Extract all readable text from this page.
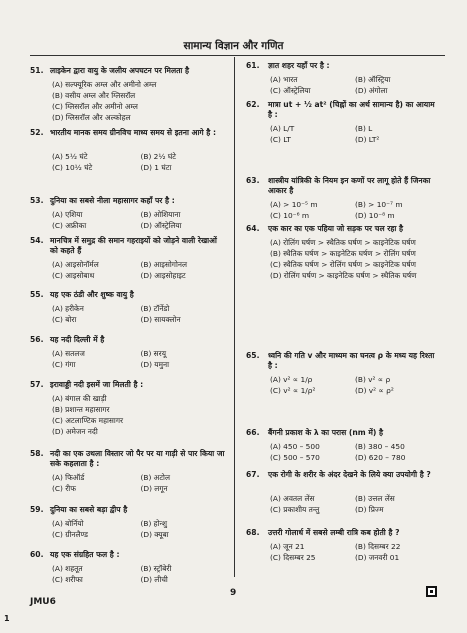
सामान्य विज्ञान और गणित
51. लाइकेन द्वारा वायु के जलीय अपघटन पर मिलता है
(A) सल्फ्यूरिक अम्ल और अमीनो अम्ल
(B) वसीय अम्ल और ग्लिसरॉल
(C) ग्लिसरॉल और अमीनो अम्ल
(D) ग्लिसरॉल और अल्कोहल
52. भारतीय मानक समय ग्रीनविच माध्य समय से इतना आगे है :
(A) 5½ घंटे	(B) 2½ घंटे
(C) 10½ घंटे	(D) 1 घंटा
53. दुनिया का सबसे नीला महासागर कहाँ पर है :
(A) एशिया	(B) ओशियाना
(C) अफ्रीका	(D) ऑस्ट्रेलिया
54. मानचित्र में समुद्र की समान गहराइयों को जोड़ने वाली रेखाओं को कहते हैं
(A) आइसोनॉर्मल	(B) आइसोगोनल
(C) आइसोबाथ	(D) आइसोहाइट
55. यह एक ठंडी और शुष्क वायु है
(A) हरीकेन	(B) टॉर्नेडो
(C) बोरा	(D) सायक्लोन
56. यह नदी दिल्ली में है
(A) सतलज	(B) सरयू
(C) गंगा	(D) यमुना
57. इरावाड्डी नदी इसमें जा मिलती है :
(A) बंगाल की खाड़ी
(B) प्रशान्त महासागर
(C) अटलाण्टिक महासागर
(D) अमेजन नदी
58. नदी का एक उथला विस्तार जो पैर पर या गाड़ी से पार किया जा सके कहलाता है :
(A) फिऑर्ड	(B) अटोल
(C) रीफ	(D) लगून
59. दुनिया का सबसे बड़ा द्वीप है
(A) बोर्नियो	(B) होन्शु
(C) ग्रीनलैण्ड	(D) क्यूबा
60. यह एक संग्रहित फल है :
(A) शहतूत	(B) स्ट्रॉबेरी
(C) शरीफा	(D) लीची
61. ज्ञात शहर यहाँ पर है :
(A) भारत	(B) ऑस्ट्रिया
(C) ऑस्ट्रेलिया	(D) अंगोला
62. मात्रा ut + ½ at² (चिह्नों का अर्थ सामान्य है) का आयाम है :
(A) L/T	(B) L
(C) LT	(D) LT²
63. शास्त्रीय यांत्रिकी के नियम इन कणों पर लागू होते हैं जिनका आकार है
(A) > 10⁻⁵ m	(B) > 10⁻⁷ m
(C) 10⁻⁶ m	(D) 10⁻⁸ m
64. एक कार का एक पहिया जो सड़क पर चल रहा है
(A) रोलिंग घर्षण > स्थैतिक घर्षण > काइनेटिक घर्षण
(B) स्थैतिक घर्षण > काइनेटिक घर्षण > रोलिंग घर्षण
(C) स्थैतिक घर्षण > रोलिंग घर्षण > काइनेटिक घर्षण
(D) रोलिंग घर्षण > काइनेटिक घर्षण > स्थैतिक घर्षण
65. ध्वनि की गति v और माध्यम का घनत्व ρ के मध्य यह रिश्ता है :
(A) v² ∝ 1/ρ	(B) v² ∝ ρ
(C) v² ∝ 1/ρ²	(D) v² ∝ ρ²
66. बैंगनी प्रकाश के λ का परास (nm में) है
(A) 450 – 500	(B) 380 – 450
(C) 500 – 570	(D) 620 – 780
67. एक रोगी के शरीर के अंदर देखने के लिये क्या उपयोगी है ?
(A) अवतल लेंस	(B) उत्तल लेंस
(C) प्रकाशीय तन्तु	(D) प्रिज्म
68. उत्तरी गोलार्ध में सबसे लम्बी रात्रि कब होती है ?
(A) जून 21	(B) दिसम्बर 22
(C) दिसम्बर 25	(D) जनवरी 01
9
JMU6
1
